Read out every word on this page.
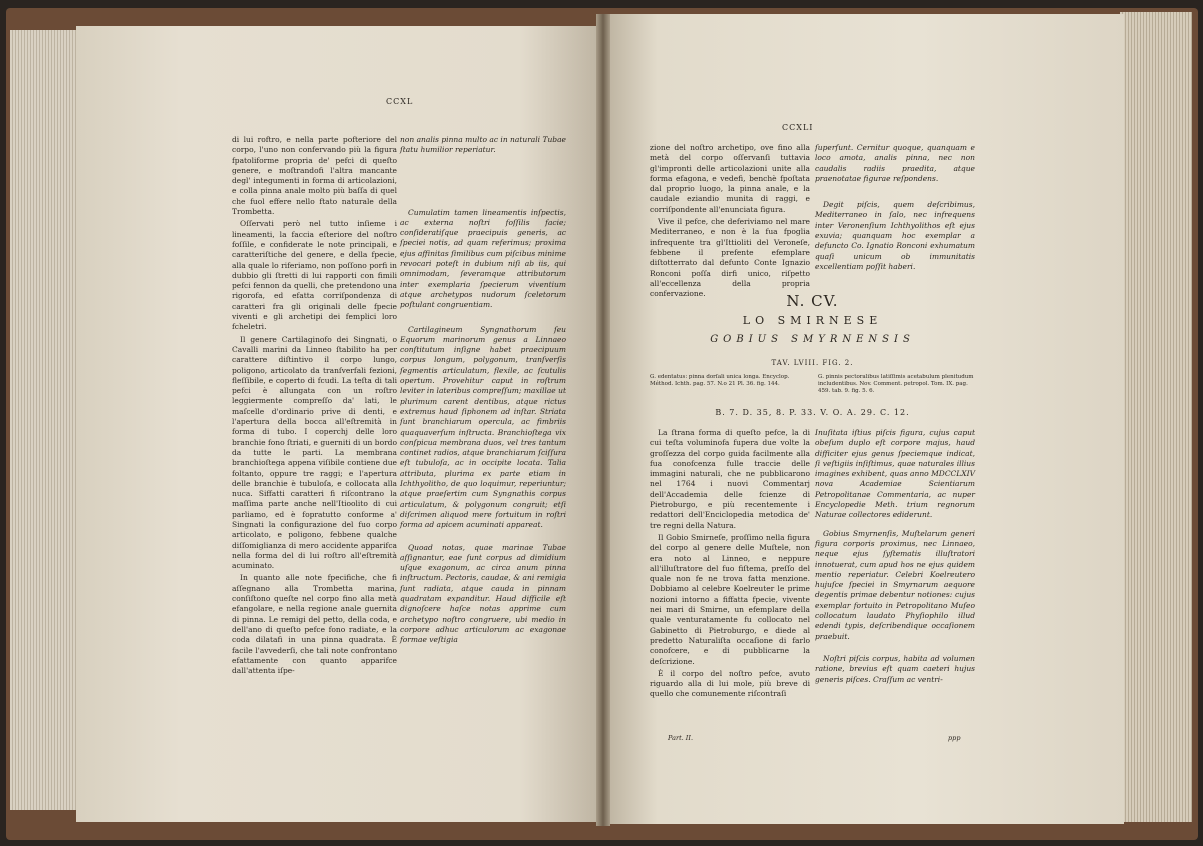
CCXL

di lui roftro, e nella parte pofteriore del corpo, l'uno non confervando più la figura fpatoliforme propria de' pefci di queſto genere, e moſtrandofi l'altra mancante degl' integumenti in forma di articolazioni, e colla pinna anale molto più baſſa di quel che fuol effere nello ftato naturale della Trombetta.

Oſſervati però nel tutto inſieme i lineamenti, la faccia eſteriore del noſtro foſſile, e confiderate le note principali, e caratteriſtiche del genere, e della fpecie, alla quale lo riferiamo, non poſſono porfi in dubbio gli ſtretti di lui rapporti con fimili pefci fennon da quelli, che pretendono una rigorofa, ed efatta corriſpondenza di caratteri fra gli originali delle fpecie viventi e gli archetipi dei femplici loro fcheletri.

Il genere Cartilaginofo dei Singnati, o Cavalli marini da Linneo ſtabilito ha per carattere diſtintivo il corpo lungo, poligono, articolato da tranſverfali fezioni, fleſſibile, e coperto di fcudi. La teſta di tali pefci è allungata con un roſtro leggiermente compreſſo da' lati, le maſcelle d'ordinario prive di denti, e l'apertura della bocca all'eſtremità in forma di tubo. I coperchj delle loro branchie fono ſtriati, e guerniti di un bordo da tutte le parti. La membrana branchioſtega appena viſibile contiene due foltanto, oppure tre raggi; e l'apertura delle branchie è tubuloſa, e collocata alla nuca. Siffatti caratteri fi riſcontrano la maſſima parte anche nell'Itioolito di cui parliamo, ed è fopratutto conforme a' Singnati la configurazione del fuo corpo articolato, e poligono, febbene qualche diſſomiglianza di mero accidente apparifca nella forma del di lui roſtro all'eſtremità acuminato.

In quanto alle note fpecifiche, che fi aſſegnano alla Trombetta marina, conſiſtono queſte nel corpo fino alla metà efangolare, e nella regione anale guernita di pinna. Le remigi del petto, della coda, e dell'ano di queſto pefce fono radiate, e la coda dilatafi in una pinna quadrata. È facile l'avvederſi, che tali note confrontano efattamente con quanto apparifce dall'attenta iſpe-

non analis pinna multo ac in naturali Tubae ſtatu humilior reperiatur.

Cumulatim tamen lineamentis inſpectis, ac externa noſtri foſſilis facie; conſideratiſque praecipuis generis, ac ſpeciei notis, ad quam referimus; proxima ejus affinitas ſimilibus cum piſcibus minime revocari poteſt in dubium niſi ab iis, qui omnimodam, ſeveramque attributorum inter exemplaria ſpecierum viventium atque archetypos nudorum ſceletorum poſtulant congruentiam.

Cartilagineum Syngnathorum ſeu Equorum marinorum genus a Linnaeo conſtitutum inſigne habet praecipuum corpus longum, polygonum, tranſverſis ſegmentis articulatum, flexile, ac ſcutulis opertum. Provehitur caput in roſtrum leviter in lateribus compreſſum; maxillae ut plurimum carent dentibus, atque rictus extremus haud ſiphonem ad inſtar. Striata ſunt branchiarum opercula, ac fimbriis quaquaverſum inſtructa. Branchioſtega vix conſpicua membrana duos, vel tres tantum continet radios, atque branchiarum ſciſſura eſt tubuloſa, ac in occipite locata. Talia attributa, plurima ex parte etiam in Ichthyolitho, de quo loquimur, reperiuntur; atque praeſertim cum Syngnathis corpus articulatum, & polygonum congruit; etſi diſcrimen aliquod mere fortuitum in roſtri forma ad apicem acuminati appareat.

Quoad notas, quae marinae Tubae aſſignantur, eae ſunt corpus ad dimidium uſque exagonum, ac circa anum pinna inſtructum. Pectoris, caudae, & ani remigia ſunt radiata, atque cauda in pinnam quadratam expanditur. Haud difficile eſt dignoſcere haſce notas apprime cum archetypo noſtro congruere, ubi medio in corpore adhuc articulorum ac exagonae formae veſtigia

CCXLI

zione del noſtro archetipo, ove fino alla metà del corpo oſſervanſi tuttavia gl'impronti delle articolazioni unite alla forma efagona, e vedefi, benchè fpoſtata dal proprio luogo, la pinna anale, e la caudale eziandio munita di raggi, e corriſpondente all'enunciata figura.

Vive il pefce, che deferiviamo nel mare Mediterraneo, e non è la fua fpoglia infrequente tra gl'Ittioliti del Veroneſe, febbene il prefente efemplare diſtotterrato dal defunto Conte Ignazio Ronconi poſſa dirfi unico, riſpetto all'eccellenza della propria confervazione.

ſuperſunt. Cernitur quoque, quanquam e loco amota, analis pinna, nec non caudalis radiis praedita, atque praenotatae figurae reſpondens.

Degit piſcis, quem deſcribimus, Mediterraneo in ſalo, nec infrequens inter Veronenſium Ichthyolithos eſt ejus exuvia; quanquam hoc exemplar a defuncto Co. Ignatio Ronconi exhumatum quaſi unicum ob immunitatis excellentiam poſſit haberi.

N. CV.
LO SMIRNESE
GOBIUS SMYRNENSIS
TAV. LVIII. FIG. 2.
G. edentatus: pinna dorſali unica longa. Encyclop. Méthod. Ichth. pag. 57. N.o 21 Pl. 36. fig. 144.
G. pinnis pectoralibus latiſſimis acetabulum plenitudum includentibus. Nov. Comment. petropol. Tom. IX. pag. 459. tab. 9. fig. 5. 6.
B. 7. D. 35, 8. P. 33. V. O. A. 29. C. 12.

La ſtrana forma di queſto pefce, la di cui teſta voluminofa fupera due volte la groſſezza del corpo guida facilmente alla fua conofcenza fulle traccie delle immagini naturali, che ne pubblicarono nel 1764 i nuovi Commentarj dell'Accademia delle fcienze di Pietroburgo, e più recentemente i redattori dell'Enciclopedia metodica de' tre regni della Natura.

Il Gobio Smirneſe, proſſimo nella figura del corpo al genere delle Muſtele, non era noto al Linneo, e neppure all'illuſtratore del fuo fiſtema, preſſo del quale non fe ne trova fatta menzione. Dobbiamo al celebre Koelreuter le prime nozioni intorno a fiffatta fpecie, vivente nei mari di Smirne, un efemplare della quale venturatamente fu collocato nel Gabinetto di Pietroburgo, e diede al predetto Naturaliſta occaſione di farlo conofcere, e di pubblicarne la deſcrizione.

È il corpo del noſtro pefce, avuto riguardo alla di lui mole, più breve di quello che comunemente riſcontraſi

Inuſitata iſtius piſcis figura, cujus caput obeſum duplo eſt corpore majus, haud difficiter ejus genus ſpeciemque indicat, ſi veſtigiis inſiſtimus, quae naturales illius imagines exhibent, quas anno MDCCLXIV nova Academiae Scientiarum Petropolitanae Commentaria, ac nuper Encyclopedie Meth. trium regnorum Naturae collectores ediderunt.

Gobius Smyrnenſis, Muſtelarum generi figura corporis proximus, nec Linnaeo, neque ejus ſyſtematis illuſtratori innotuerat, cum apud hos ne ejus quidem mentio reperiatur. Celebri Koelreutero hujuſce ſpeciei in Smyrnarum aequore degentis primae debentur notiones: cujus exemplar fortuito in Petropolitano Muſeo collocatum laudato Phyſiophilo illud edendi typis, deſcribendique occaſionem praebuit.

Noſtri piſcis corpus, habita ad volumen ratione, brevius eſt quam caeteri hujus generis piſces. Craſſum ac ventri-

Part. II.	ppp
